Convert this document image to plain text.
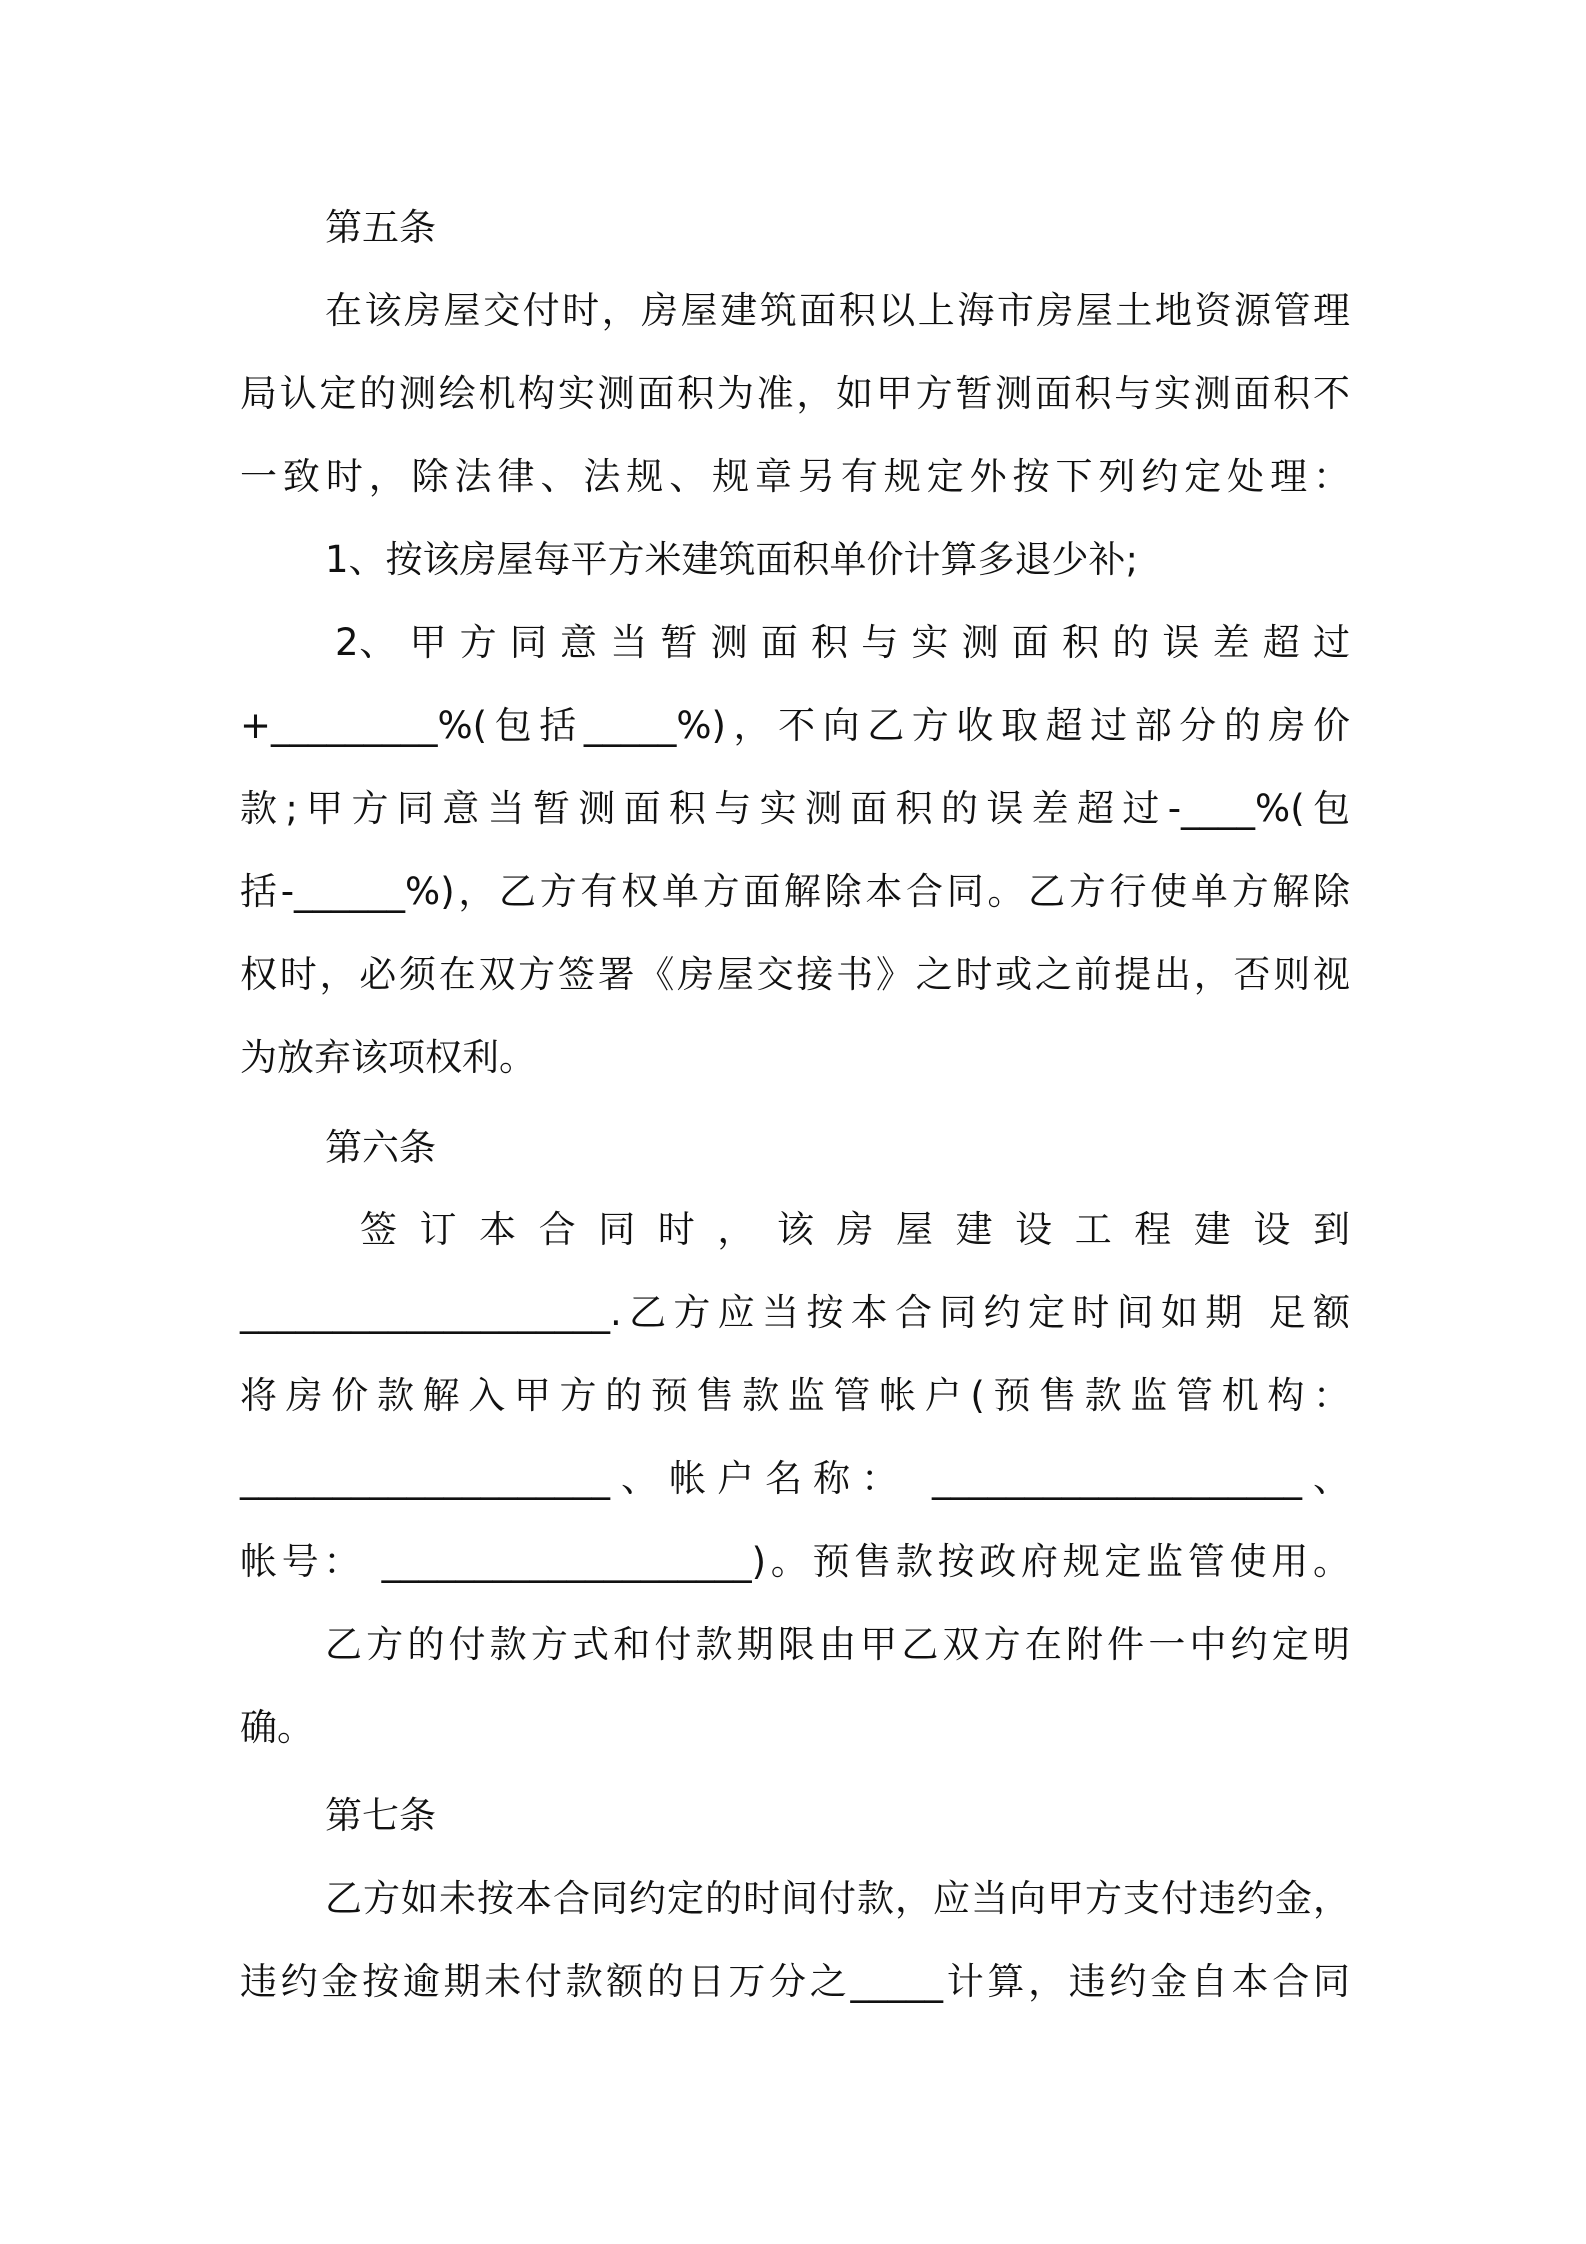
第五条
在该房屋交付时，房屋建筑面积以上海市房屋土地资源管理
局认定的测绘机构实测面积为准，如甲方暂测面积与实测面积不
一致时，除法律、法规、规章另有规定外按下列约定处理：
1、按该房屋每平方米建筑面积单价计算多退少补;
2、 甲 方 同 意 当 暂 测 面 积 与 实 测 面 积 的 误 差 超 过
+_________%(包括_____%)，不向乙方收取超过部分的房价
款;甲方同意当暂测面积与实测面积的误差超过-____%(包
括-______%)，乙方有权单方面解除本合同。乙方行使单方解除
权时，必须在双方签署《房屋交接书》之时或之前提出，否则视
为放弃该项权利。
第六条
签 订 本 合 同 时 ， 该 房 屋 建 设 工 程 建 设 到
____________________.乙方应当按本合同约定时间如期 足额
将房价款解入甲方的预售款监管帐户(预售款监管机构：
____________________、帐户名称： ____________________、
帐号： ____________________)。预售款按政府规定监管使用。
乙方的付款方式和付款期限由甲乙双方在附件一中约定明
确。
第七条
乙方如未按本合同约定的时间付款，应当向甲方支付违约金，
违约金按逾期未付款额的日万分之_____计算，违约金自本合同
